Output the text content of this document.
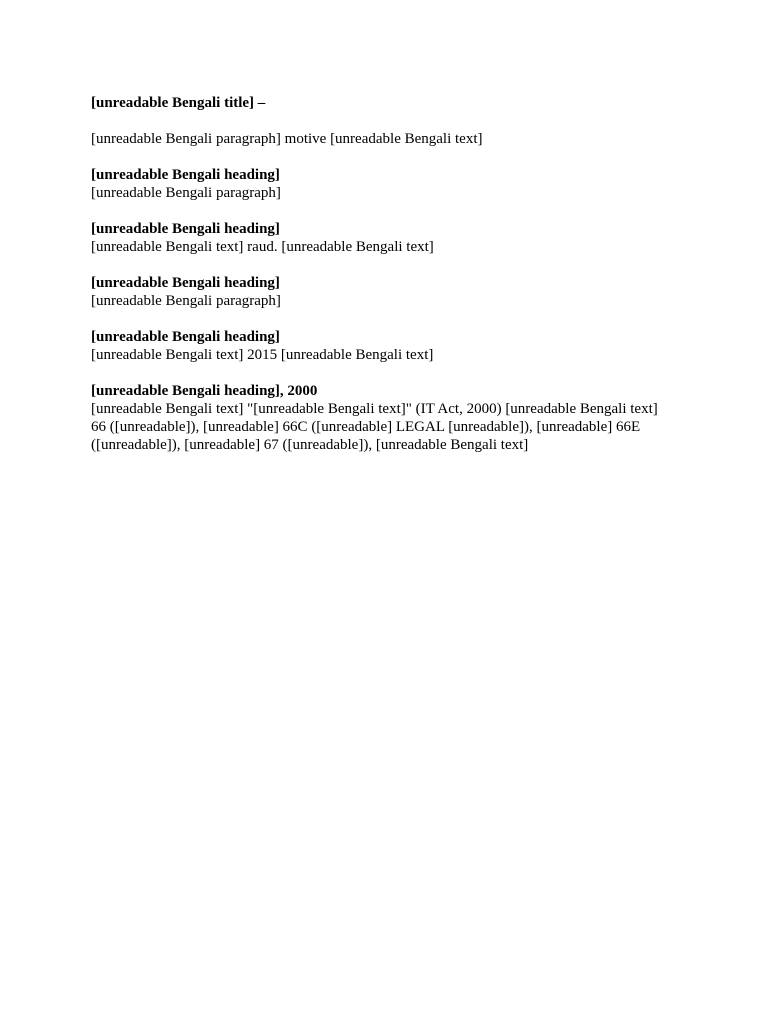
[unreadable Bengali title] –

[unreadable Bengali paragraph] motive [unreadable Bengali text]

[unreadable Bengali heading]

[unreadable Bengali paragraph]

[unreadable Bengali heading]

[unreadable Bengali text] raud. [unreadable Bengali text]

[unreadable Bengali heading]

[unreadable Bengali paragraph]

[unreadable Bengali heading]

[unreadable Bengali text] 2015 [unreadable Bengali text]

[unreadable Bengali heading], 2000

[unreadable Bengali text] "[unreadable Bengali text]" (IT Act, 2000) [unreadable Bengali text] 66 ([unreadable]), [unreadable] 66C ([unreadable] LEGAL [unreadable]), [unreadable] 66E ([unreadable]), [unreadable] 67 ([unreadable]), [unreadable Bengali text]
